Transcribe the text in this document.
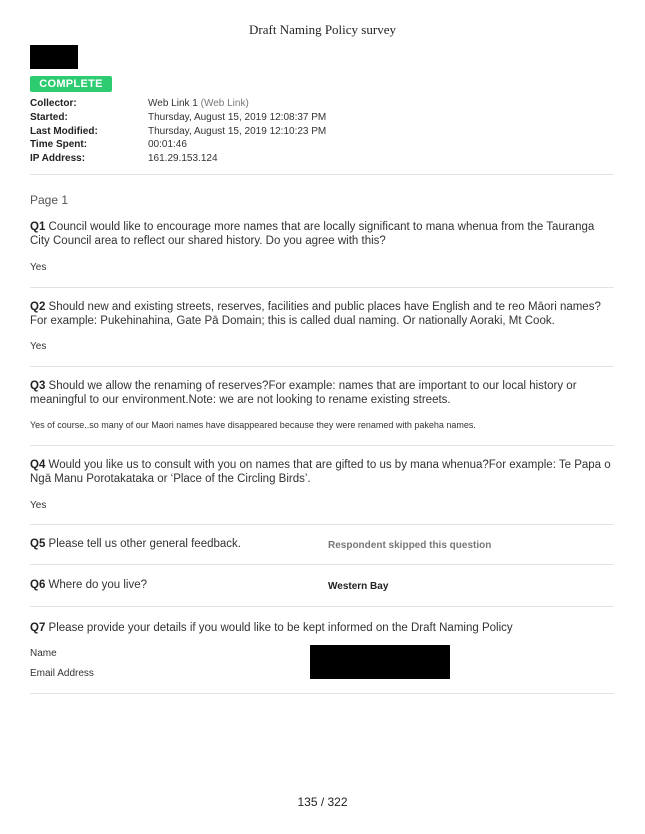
Draft Naming Policy survey
COMPLETE
Collector:	Web Link 1 (Web Link)
Started:	Thursday, August 15, 2019 12:08:37 PM
Last Modified:	Thursday, August 15, 2019 12:10:23 PM
Time Spent:	00:01:46
IP Address:	161.29.153.124
Page 1
Q1 Council would like to encourage more names that are locally significant to mana whenua from the Tauranga City Council area to reflect our shared history. Do you agree with this?
Yes
Q2 Should new and existing streets, reserves, facilities and public places have English and te reo Māori names?For example: Pukehinahina, Gate Pā Domain; this is called dual naming. Or nationally Aoraki, Mt Cook.
Yes
Q3 Should we allow the renaming of reserves?For example: names that are important to our local history or meaningful to our environment.Note: we are not looking to rename existing streets.
Yes of course..so many of our Maori names have disappeared because they were renamed with pakeha names.
Q4 Would you like us to consult with you on names that are gifted to us by mana whenua?For example: Te Papa o Ngā Manu Porotakataka or ‘Place of the Circling Birds’.
Yes
Q5 Please tell us other general feedback.	Respondent skipped this question
Q6 Where do you live?	Western Bay
Q7 Please provide your details if you would like to be kept informed on the Draft Naming Policy
Name
Email Address
135 / 322
